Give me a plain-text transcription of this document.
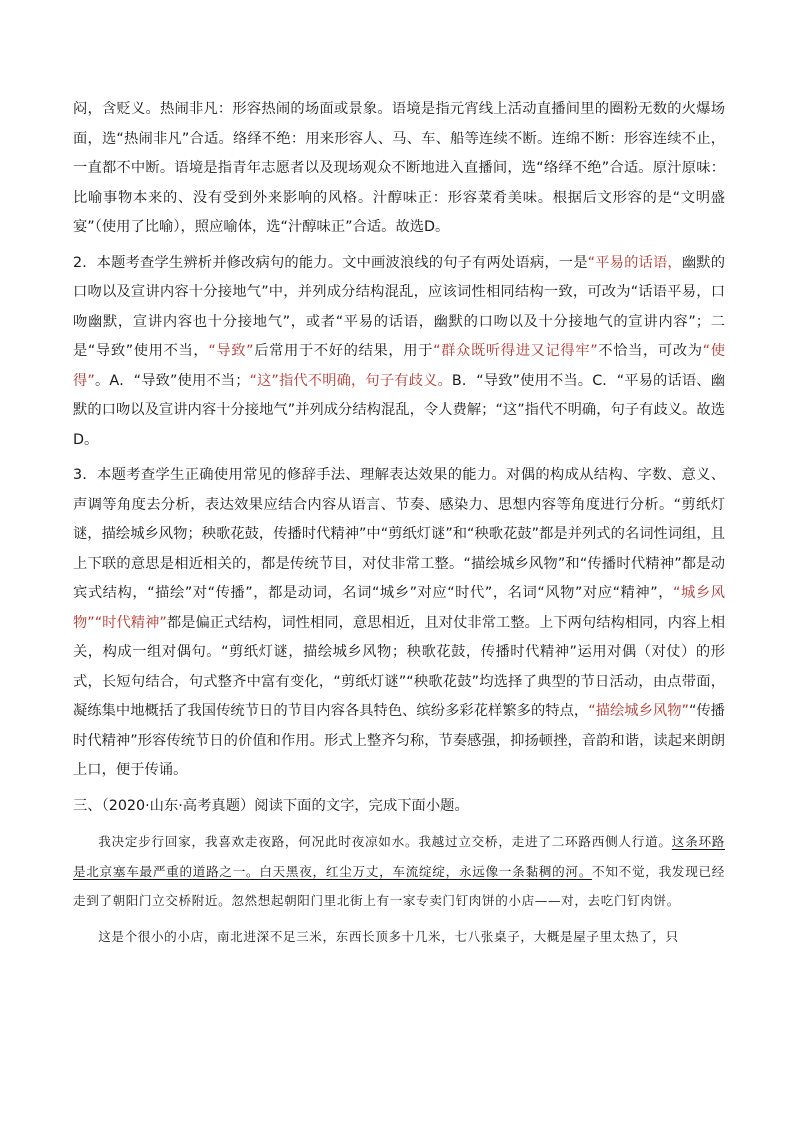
闷，含贬义。热闹非凡：形容热闹的场面或景象。语境是指元宵线上活动直播间里的圈粉无数的火爆场面，选“热闹非凡”合适。络绎不绝：用来形容人、马、车、船等连续不断。连绵不断：形容连续不止，一直都不中断。语境是指青年志愿者以及现场观众不断地进入直播间，选“络绎不绝”合适。原汁原味：比喻事物本来的、没有受到外来影响的风格。汁醇味正：形容菜肴美味。根据后文形容的是“文明盛宴”（使用了比喻），照应喻体，选“汁醇味正”合适。故选D。

2．本题考查学生辨析并修改病句的能力。文中画波浪线的句子有两处语病，一是“平易的话语，幽默的口吻以及宣讲内容十分接地气”中，并列成分结构混乱，应该词性相同结构一致，可改为“话语平易，口吻幽默，宣讲内容也十分接地气”，或者“平易的话语，幽默的口吻以及十分接地气的宣讲内容”；二是“导致”使用不当，“导致”后常用于不好的结果，用于“群众既听得进又记得牢”不恰当，可改为“使得”。A．“导致”使用不当；“这”指代不明确，句子有歧义。B．“导致”使用不当。C．“平易的话语、幽默的口吻以及宣讲内容十分接地气”并列成分结构混乱，令人费解；“这”指代不明确，句子有歧义。故选D。

3．本题考查学生正确使用常见的修辞手法、理解表达效果的能力。对偶的构成从结构、字数、意义、声调等角度去分析，表达效果应结合内容从语言、节奏、感染力、思想内容等角度进行分析。“剪纸灯谜，描绘城乡风物；秧歌花鼓，传播时代精神”中“剪纸灯谜”和“秧歌花鼓”都是并列式的名词性词组，且上下联的意思是相近相关的，都是传统节目，对仗非常工整。“描绘城乡风物”和“传播时代精神”都是动宾式结构，“描绘”对“传播”，都是动词，名词“城乡”对应“时代”，名词“风物”对应“精神”，“城乡风物”“时代精神”都是偏正式结构，词性相同，意思相近，且对仗非常工整。上下两句结构相同，内容上相关，构成一组对偶句。“剪纸灯谜，描绘城乡风物；秧歌花鼓，传播时代精神”运用对偶（对仗）的形式，长短句结合，句式整齐中富有变化，“剪纸灯谜”“秧歌花鼓”均选择了典型的节日活动，由点带面，凝练集中地概括了我国传统节日的节目内容各具特色、缤纷多彩花样繁多的特点，“描绘城乡风物”“传播时代精神”形容传统节日的价值和作用。形式上整齐匀称，节奏感强，抑扬顿挫，音韵和谐，读起来朗朗上口，便于传诵。

三、（2020·山东·高考真题）阅读下面的文字，完成下面小题。

我决定步行回家，我喜欢走夜路，何况此时夜凉如水。我越过立交桥，走进了二环路西侧人行道。这条环路是北京塞车最严重的道路之一。白天黑夜，红尘万丈，车流绽绽，永远像一条黏稠的河。不知不觉，我发现已经走到了朝阳门立交桥附近。忽然想起朝阳门里北街上有一家专卖门钉肉饼的小店——对，去吃门钉肉饼。

这是个很小的小店，南北进深不足三米，东西长顶多十几米，七八张桌子，大概是屋子里太热了，只
